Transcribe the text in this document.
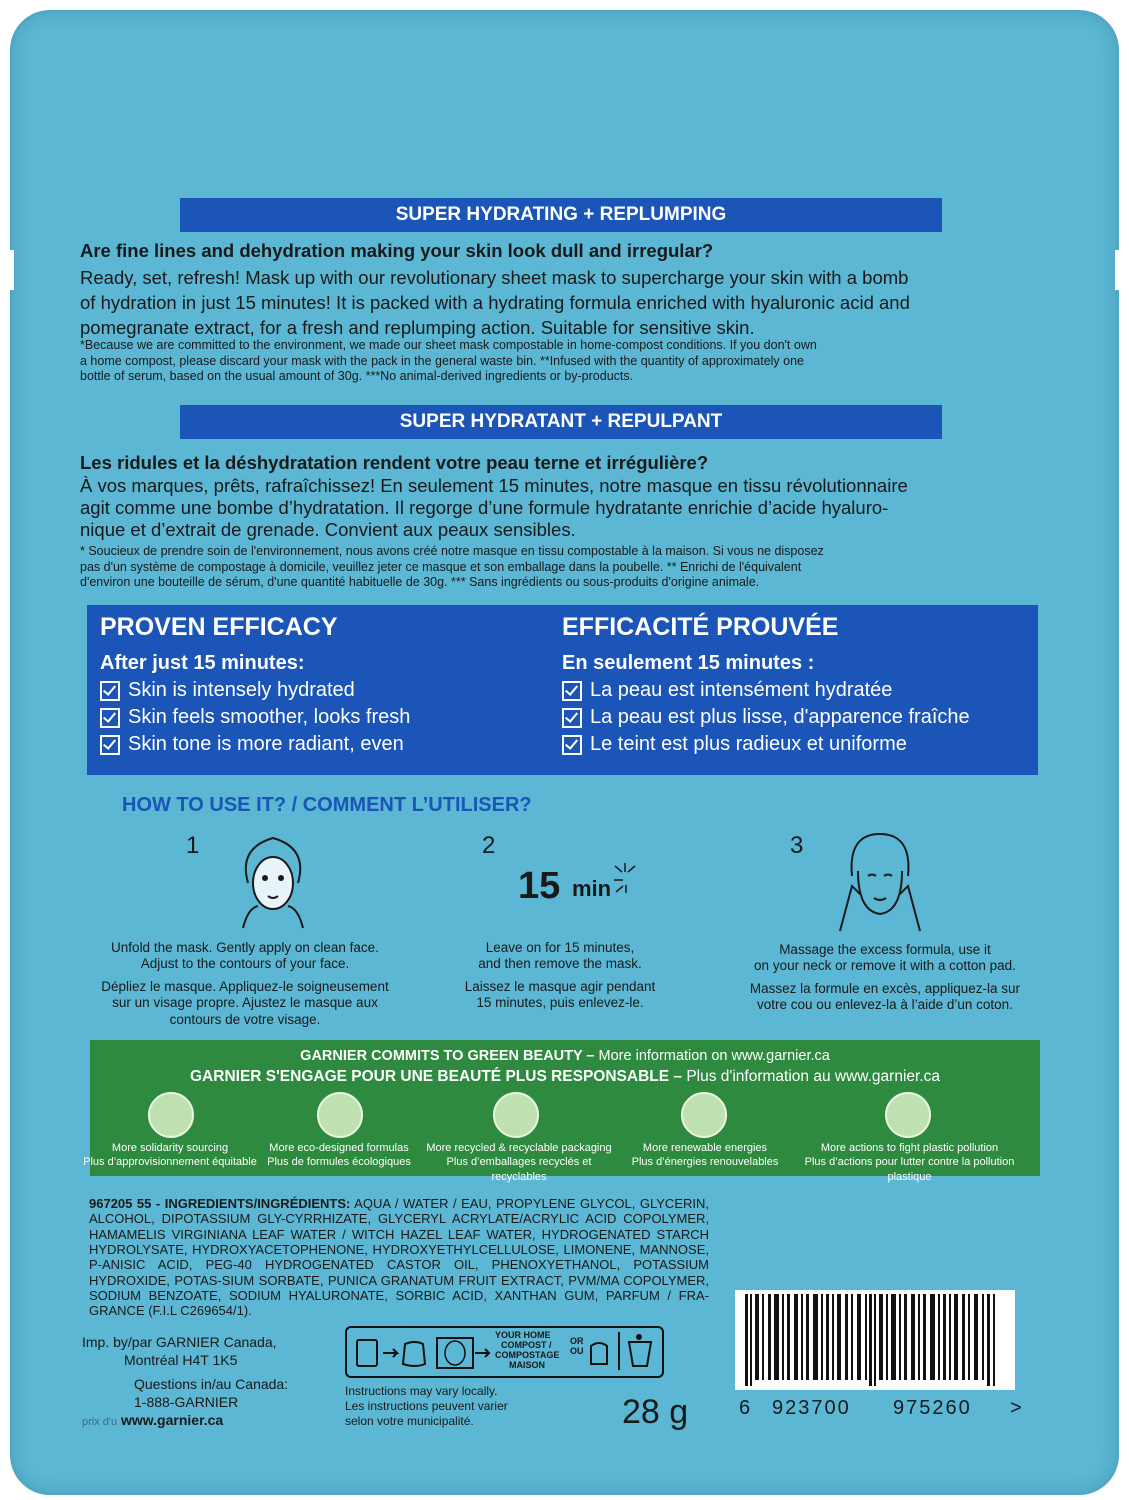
SUPER HYDRATING + REPLUMPING
Are fine lines and dehydration making your skin look dull and irregular?
Ready, set, refresh! Mask up with our revolutionary sheet mask to supercharge your skin with a bomb
of hydration in just 15 minutes! It is packed with a hydrating formula enriched with hyaluronic acid and
pomegranate extract, for a fresh and replumping action. Suitable for sensitive skin.
*Because we are committed to the environment, we made our sheet mask compostable in home-compost conditions. If you don't own
a home compost, please discard your mask with the pack in the general waste bin. **Infused with the quantity of approximately one
bottle of serum, based on the usual amount of 30g. ***No animal-derived ingredients or by-products.
SUPER HYDRATANT + REPULPANT
Les ridules et la déshydratation rendent votre peau terne et irrégulière?
À vos marques, prêts, rafraîchissez! En seulement 15 minutes, notre masque en tissu révolutionnaire
agit comme une bombe d’hydratation. Il regorge d’une formule hydratante enrichie d’acide hyaluro-
nique et d’extrait de grenade. Convient aux peaux sensibles.
* Soucieux de prendre soin de l'environnement, nous avons créé notre masque en tissu compostable à la maison. Si vous ne disposez
pas d'un système de compostage à domicile, veuillez jeter ce masque et son emballage dans la poubelle. ** Enrichi de l'équivalent
d'environ une bouteille de sérum, d'une quantité habituelle de 30g. *** Sans ingrédients ou sous-produits d'origine animale.
PROVEN EFFICACY
After just 15 minutes:
Skin is intensely hydrated
Skin feels smoother, looks fresh
Skin tone is more radiant, even
EFFICACITÉ PROUVÉE
En seulement 15 minutes :
La peau est intensément hydratée
La peau est plus lisse, d'apparence fraîche
Le teint est plus radieux et uniforme
HOW TO USE IT? / COMMENT L’UTILISER?
1	2
15 min
3
Unfold the mask. Gently apply on clean face.
Adjust to the contours of your face.
Dépliez le masque. Appliquez-le soigneusement
sur un visage propre. Ajustez le masque aux
contours de votre visage.
Leave on for 15 minutes,
and then remove the mask.
Laissez le masque agir pendant
15 minutes, puis enlevez-le.
Massage the excess formula, use it
on your neck or remove it with a cotton pad.
Massez la formule en excès, appliquez-la sur
votre cou ou enlevez-la à l’aide d’un coton.
GARNIER COMMITS TO GREEN BEAUTY – More information on www.garnier.ca
GARNIER S'ENGAGE POUR UNE BEAUTÉ PLUS RESPONSABLE – Plus d'information au www.garnier.ca
More solidarity sourcing
Plus d’approvisionnement équitable
More eco-designed formulas
Plus de formules écologiques
More recycled & recyclable packaging
Plus d’emballages recyclés et recyclables
More renewable energies
Plus d’énergies renouvelables
More actions to fight plastic pollution
Plus d’actions pour lutter contre la pollution plastique
967205 55 - INGREDIENTS/INGRÉDIENTS: AQUA / WATER / EAU, PROPYLENE GLYCOL, GLYCERIN, ALCOHOL, DIPOTASSIUM GLY-CYRRHIZATE, GLYCERYL ACRYLATE/ACRYLIC ACID COPOLYMER, HAMAMELIS VIRGINIANA LEAF WATER / WITCH HAZEL LEAF WATER, HYDROGENATED STARCH HYDROLYSATE, HYDROXYACETOPHENONE, HYDROXYETHYLCELLULOSE, LIMONENE, MANNOSE, P-ANISIC ACID, PEG-40 HYDROGENATED CASTOR OIL, PHENOXYETHANOL, POTASSIUM HYDROXIDE, POTAS-SIUM SORBATE, PUNICA GRANATUM FRUIT EXTRACT, PVM/MA COPOLYMER, SODIUM BENZOATE, SODIUM HYALURONATE, SORBIC ACID, XANTHAN GUM, PARFUM / FRA-GRANCE (F.I.L C269654/1).
Imp. by/par GARNIER Canada,
Montréal H4T 1K5
Questions in/au Canada:
1-888-GARNIER
prix d'u www.garnier.ca
YOUR HOME
COMPOST /
COMPOSTAGE
MAISON
OR
OU
Instructions may vary locally.
Les instructions peuvent varier
selon votre municipalité.	28 g	6 923700 975260 >
